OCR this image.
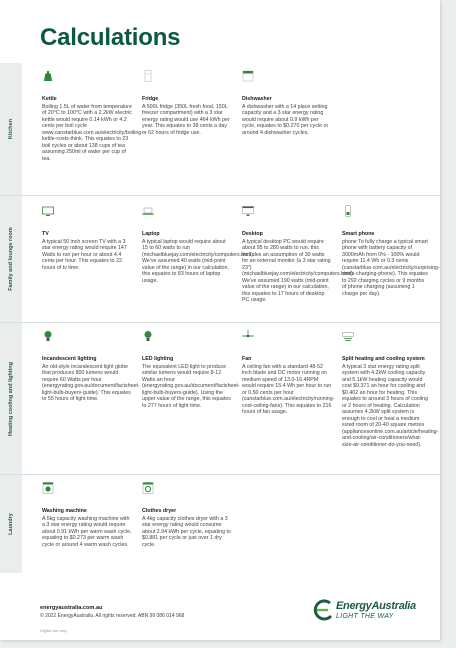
Calculations
Kitchen
Family and lounge room
Heating cooling and lighting
Laundry
Kettle

Boiling 1.5L of water from temperature of 20°C to 100°C with a 2.2kW electric kettle would require 0.14 kWh or 4.2 cents per boil cycle www.canstarblue.com.au/electricity/boiling-kettle-costs-think. This equates to 23 boil cycles or about 138 cups of tea assuming 250ml of water per cup of tea.

Fridge

A 500L fridge (350L fresh food, 150L freezer compartment) with a 3 star energy rating would use 464 kWh per year. This equates to 38 cents a day or 62 hours of fridge use.

Dishwasher

A dishwasher with a 14 place setting capacity and a 3 star energy rating would require about 0.9 kWh per cycle, equates to $0.270 per cycle or around 4 dishwasher cycles.

TV

A typical 50 inch screen TV with a 3 star energy rating would require 147 Watts to run per hour or about 4.4 cents per hour. This equates to 22 hours of tv time.

Laptop

A typical laptop would require about 15 to 60 watts to run (michaelbluejay.com/electricity/computers.html). We've assumed 40 watts (mid-point value of the range) in our calculation, this equates to 83 hours of laptop usage.

Desktop

A typical desktop PC would require about 95 to 280 watts to run, this includes an assumption of 30 watts for an external monitor (a 3 star rating 23") (michaelbluejay.com/electricity/computers.html). We've assumed 190 watts (mid-point value of the range) in our calculation, this equates to 17 hours of desktop PC usage.

Smart phone

phone To fully charge a typical smart phone with battery capacity of 3000mAh from 0% - 100% would require 11.4 Wh or 0.3 cents (canstarblue.com.au/electricity/surprising-costs-charging-phone). This equates to 292 charging cycles or 9 months of phone charging (assuming 1 charge per day).

Incandescent lighting

An old-style incandescent light globe that produces 800 lumens would require 60 Watts per hour (energyrating.gov.au/document/factsheet-light-bulb-buyers-guide). This equates to 55 hours of light time.

LED lighting

The equivalent LED light to produce similar lumens would require 8-12 Watts an hour (energyrating.gov.au/document/factsheet-light-bulb-buyers-guide). Using the upper value of the range, this equates to 277 hours of light time.

Fan

A ceiling fan with a standard 48-52 inch blade and DC motor running on medium speed of 13.0-16.4RPM would require 15.4 Wh per hour to run or 0.50 cents per hour (canstarblue.com.au/electricity/running-cost-ceiling-fans). This equates to 216 hours of fan usage.

Split heating and cooling system

A typical 3 star energy rating split system with 4.2kW cooling capacity and 5.1kW heating capacity would cost $0.371 an hour for cooling and $0.402 an hour for heating. This equates to around 3 hours of cooling or 2 hours of heating. Calculation assumes 4.2kW split system is enough to cool or heat a medium sized room of 20-40 square metres (appliancesonline.com.au/article/heating-and-cooling/air-conditioners/what-size-air-conditioner-do-you-need).

Washing machine

A 5kg capacity washing machine with a 3 star energy rating would require about 0.91 kWh per warm wash cycle, equating to $0.273 per warm wash cycle or around 4 warm wash cycles.

Clothes dryer

A 4kg capacity clothes dryer with a 3 star energy rating would consume about 2.94 kWh per cycle, equating to $0.881 per cycle or just over 1 dry cycle.

energyaustralia.com.au
© 2022 EnergyAustralia. All rights reserved. ABN 99 086 014 968
Digital use only
EnergyAustralia
LIGHT THE WAY
